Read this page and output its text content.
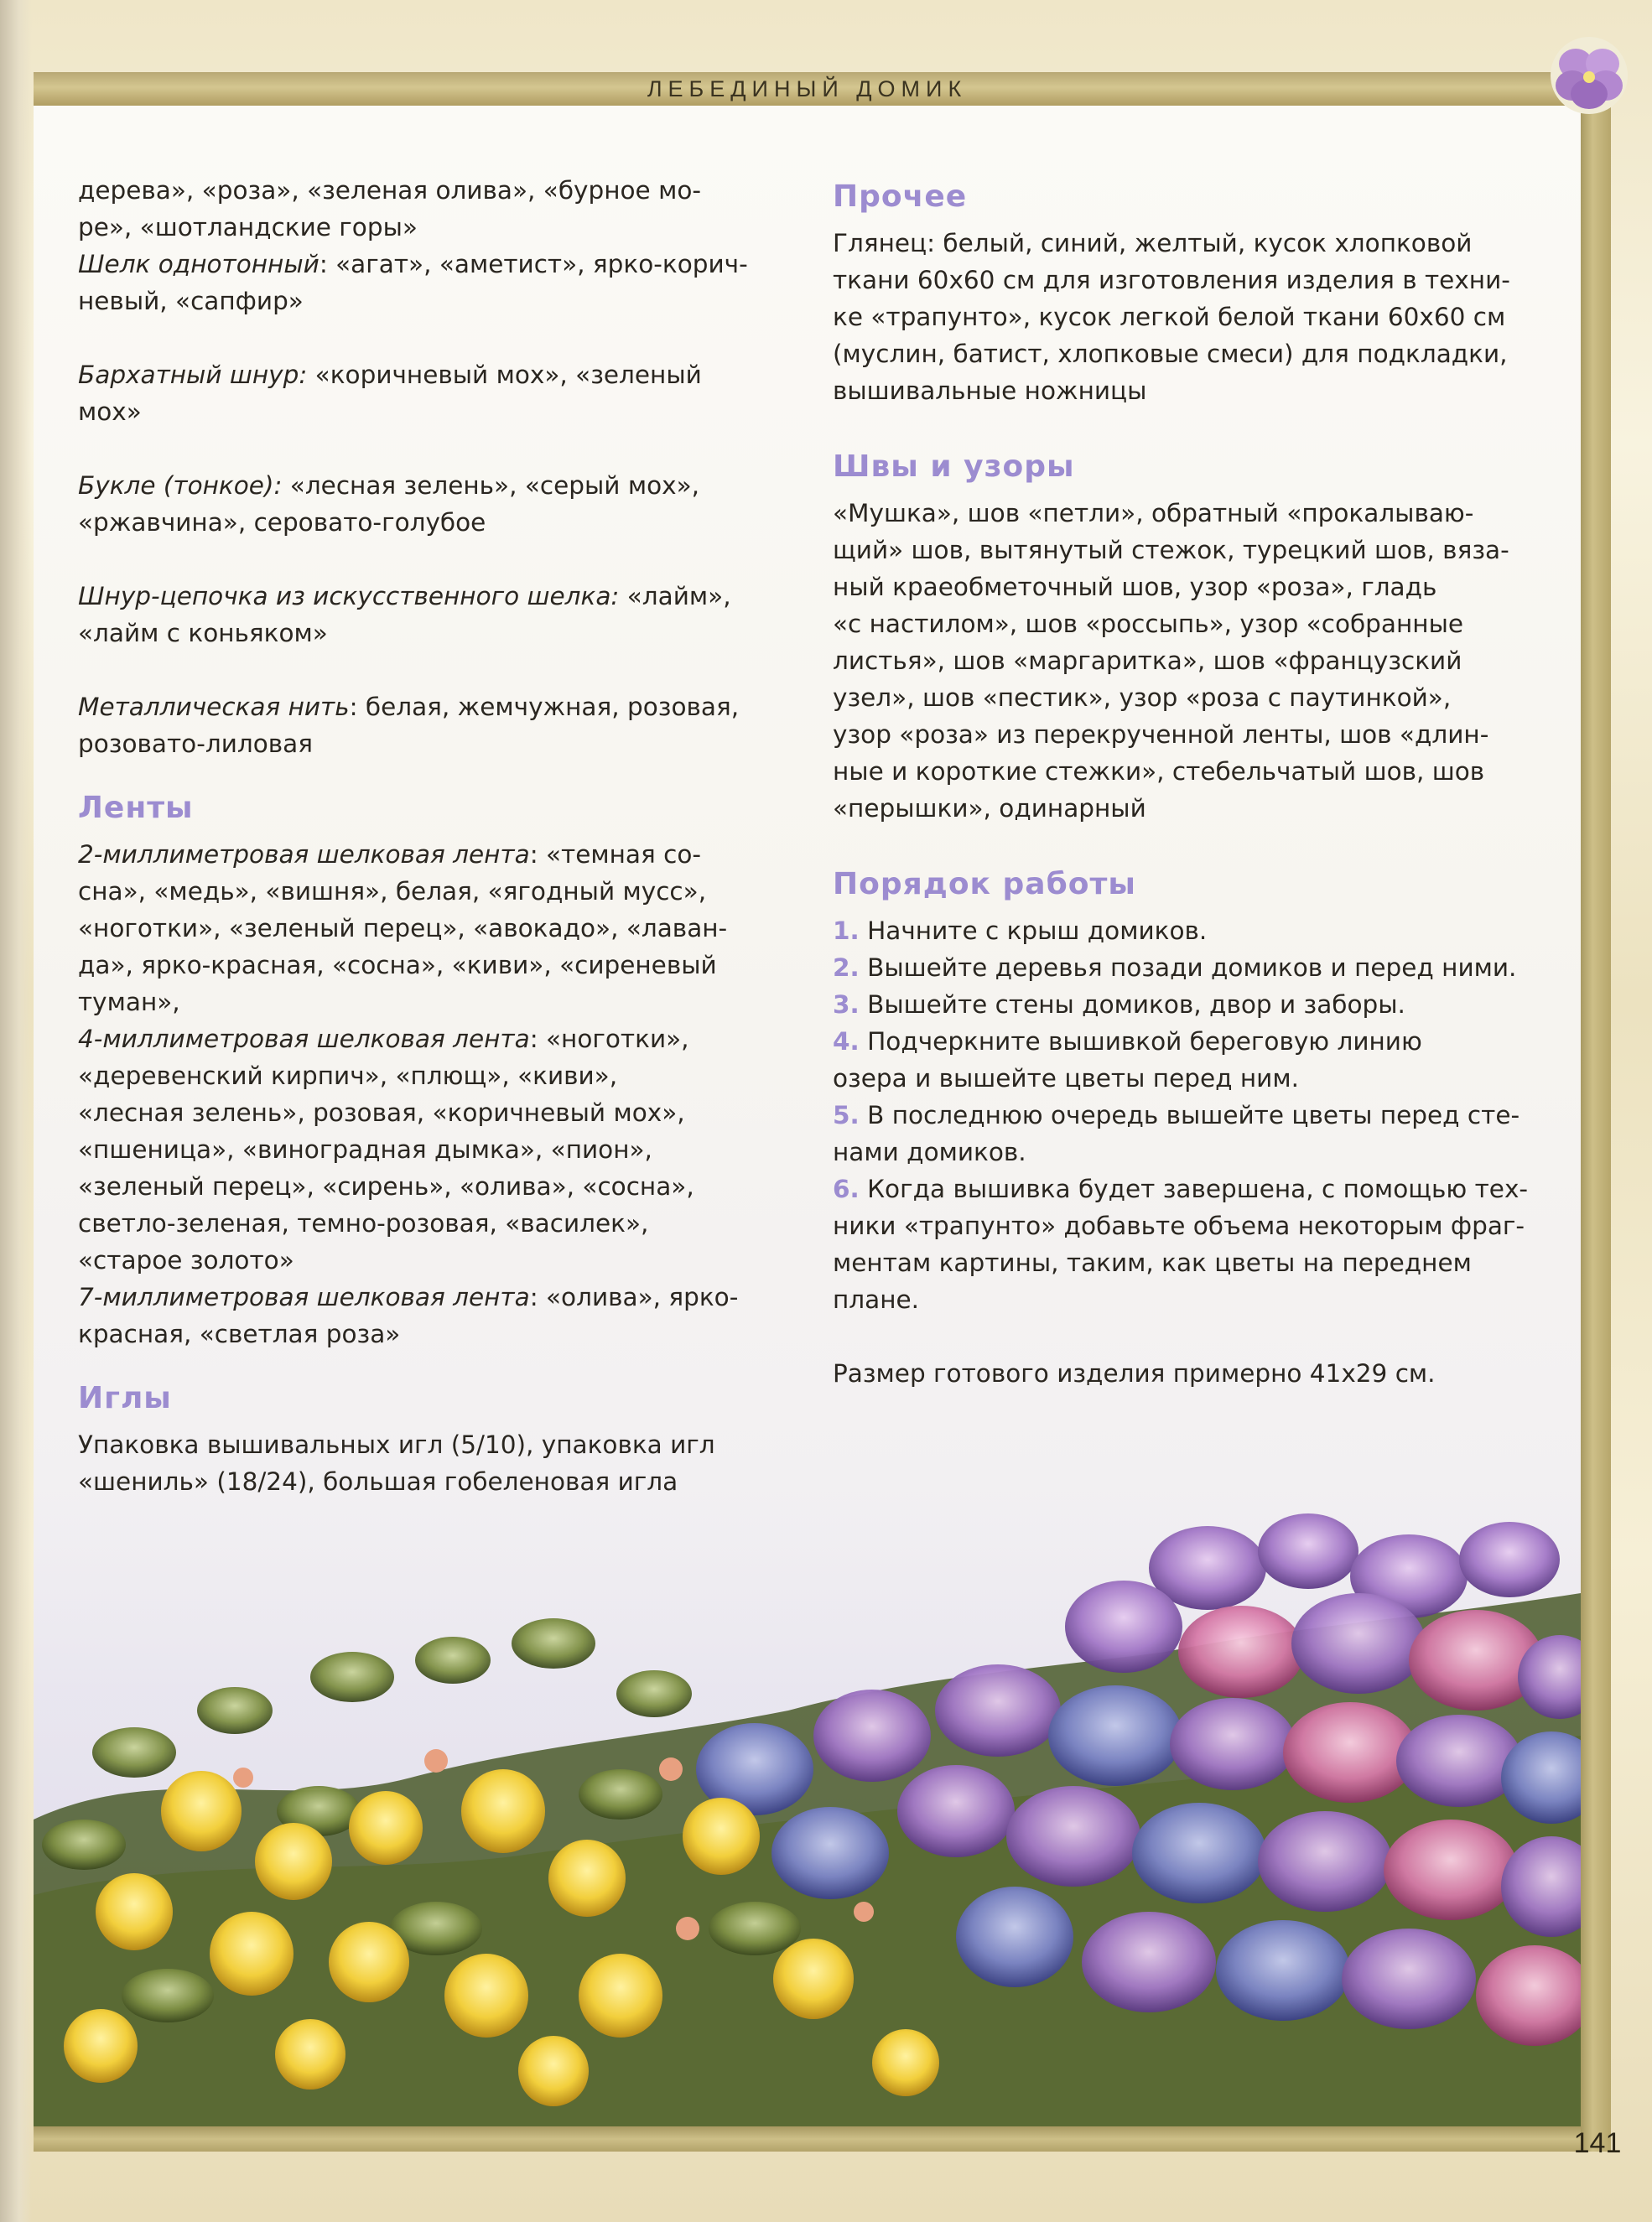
ЛЕБЕДИНЫЙ ДОМИК
141

дерева», «роза», «зеленая олива», «бурное мо-

ре», «шотландские горы»

Шелк однотонный: «агат», «аметист», ярко-корич-

невый, «сапфир»

Бархатный шнур: «коричневый мох», «зеленый

мох»

Букле (тонкое): «лесная зелень», «серый мох»,

«ржавчина», серовато-голубое

Шнур-цепочка из искусственного шелка: «лайм»,

«лайм с коньяком»

Металлическая нить: белая, жемчужная, розовая,

розовато-лиловая

Ленты

2-миллиметровая шелковая лента: «темная со-

сна», «медь», «вишня», белая, «ягодный мусс»,

«ноготки», «зеленый перец», «авокадо», «лаван-

да», ярко-красная, «сосна», «киви», «сиреневый

туман»,

4-миллиметровая шелковая лента: «ноготки»,

«деревенский кирпич», «плющ», «киви»,

«лесная зелень», розовая, «коричневый мох»,

«пшеница», «виноградная дымка», «пион»,

«зеленый перец», «сирень», «олива», «сосна»,

светло-зеленая, темно-розовая, «василек»,

«старое золото»

7-миллиметровая шелковая лента: «олива», ярко-

красная, «светлая роза»

Иглы

Упаковка вышивальных игл (5/10), упаковка игл

«шениль» (18/24), большая гобеленовая игла

Прочее

Глянец: белый, синий, желтый, кусок хлопковой

ткани 60х60 см для изготовления изделия в техни-

ке «трапунто», кусок легкой белой ткани 60х60 см

(муслин, батист, хлопковые смеси) для подкладки,

вышивальные ножницы

Швы и узоры

«Мушка», шов «петли», обратный «прокалываю-

щий» шов, вытянутый стежок, турецкий шов, вяза-

ный краеобметочный шов, узор «роза», гладь

«с настилом», шов «россыпь», узор «собранные

листья», шов «маргаритка», шов «французский

узел», шов «пестик», узор «роза с паутинкой»,

узор «роза» из перекрученной ленты, шов «длин-

ные и короткие стежки», стебельчатый шов, шов

«перышки», одинарный

Порядок работы

1. Начните с крыш домиков.

2. Вышейте деревья позади домиков и перед ними.

3. Вышейте стены домиков, двор и заборы.

4. Подчеркните вышивкой береговую линию

озера и вышейте цветы перед ним.

5. В последнюю очередь вышейте цветы перед сте-

нами домиков.

6. Когда вышивка будет завершена, с помощью тех-

ники «трапунто» добавьте объема некоторым фраг-

ментам картины, таким, как цветы на переднем плане.

Размер готового изделия примерно 41х29 см.
